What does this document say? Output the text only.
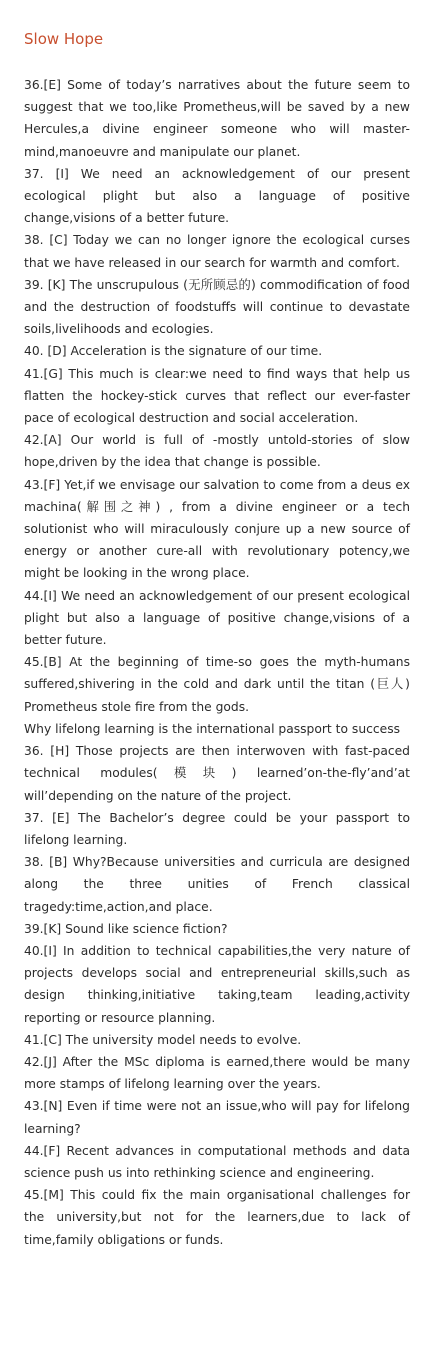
Slow Hope

36.[E] Some of today’s narratives about the future seem to suggest that we too,like Prometheus,will be saved by a new Hercules,a divine engineer someone who will master-mind,manoeuvre and manipulate our planet.

37. [I] We need an acknowledgement of our present ecological plight but also a language of positive change,visions of a better future.

38. [C] Today we can no longer ignore the ecological curses that we have released in our search for warmth and comfort.

39. [K] The unscrupulous (无所顾忌的) commodification of food and the destruction of foodstuffs will continue to devastate soils,livelihoods and ecologies.

40. [D] Acceleration is the signature of our time.

41.[G] This much is clear:we need to find ways that help us flatten the hockey-stick curves that reflect our ever-faster pace of ecological destruction and social acceleration.

42.[A] Our world is full of -mostly untold-stories of slow hope,driven by the idea that change is possible.

43.[F] Yet,if we envisage our salvation to come from a deus ex machina(解围之神) , from a divine engineer or a tech solutionist who will miraculously conjure up a new source of energy or another cure-all with revolutionary potency,we might be looking in the wrong place.

44.[I] We need an acknowledgement of our present ecological plight but also a language of positive change,visions of a better future.

45.[B] At the beginning of time-so goes the myth-humans suffered,shivering in the cold and dark until the titan (巨人) Prometheus stole fire from the gods.

Why lifelong learning is the international passport to success

36. [H] Those projects are then interwoven with fast-paced technical modules(模块) learned’on-the-fly’and’at will’depending on the nature of the project.

37. [E] The Bachelor’s degree could be your passport to lifelong learning.

38. [B] Why?Because universities and curricula are designed along the three unities of French classical tragedy:time,action,and place.

39.[K] Sound like science fiction?

40.[I] In addition to technical capabilities,the very nature of projects develops social and entrepreneurial skills,such as design thinking,initiative taking,team leading,activity reporting or resource planning.

41.[C] The university model needs to evolve.

42.[J] After the MSc diploma is earned,there would be many more stamps of lifelong learning over the years.

43.[N] Even if time were not an issue,who will pay for lifelong learning?

44.[F] Recent advances in computational methods and data science push us into rethinking science and engineering.

45.[M] This could fix the main organisational challenges for the university,but not for the learners,due to lack of time,family obligations or funds.
